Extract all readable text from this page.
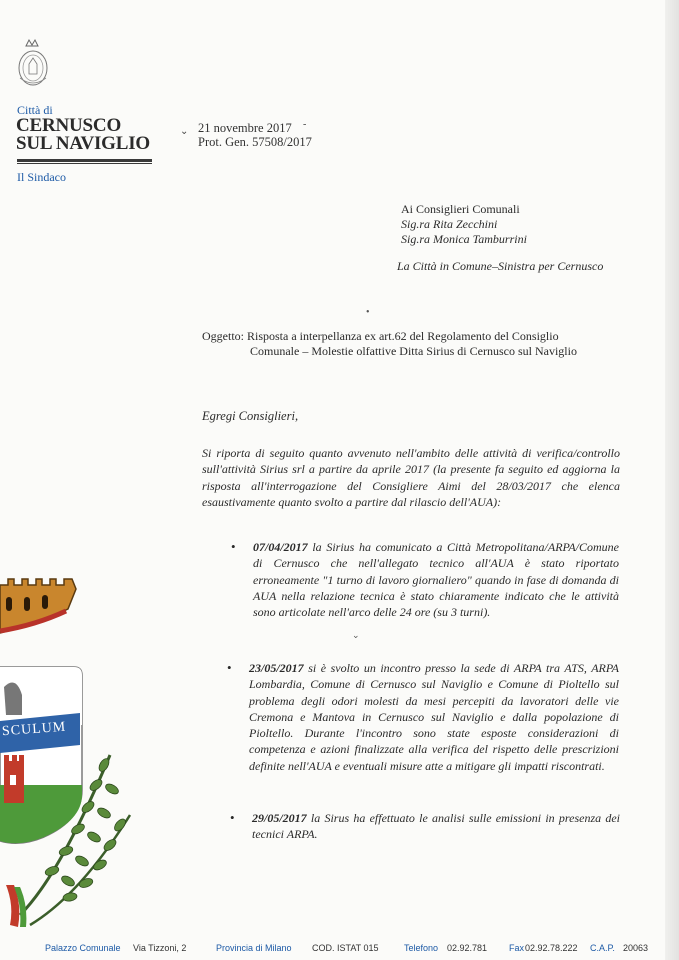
Città di
CERNUSCO
SUL NAVIGLIO
Il Sindaco
⌄
-
21 novembre 2017
Prot. Gen. 57508/2017
Ai Consiglieri Comunali
Sig.ra Rita Zecchini
Sig.ra Monica Tamburrini
La Città in Comune–Sinistra per Cernusco
•
Oggetto: Risposta a interpellanza ex art.62 del Regolamento del Consiglio
Comunale – Molestie olfattive Ditta Sirius di Cernusco sul Naviglio
Egregi Consiglieri,
Si riporta di seguito quanto avvenuto nell'ambito delle attività di verifica/controllo sull'attività Sirius srl a partire da aprile 2017 (la presente fa seguito ed aggiorna la risposta all'interrogazione del Consigliere Aimi del 28/03/2017 che elenca esaustivamente quanto svolto a partire dal rilascio dell'AUA):
• 07/04/2017 la Sirius ha comunicato a Città Metropolitana/ARPA/Comune di Cernusco che nell'allegato tecnico all'AUA è stato riportato erroneamente "1 turno di lavoro giornaliero" quando in fase di domanda di AUA nella relazione tecnica è stato chiaramente indicato che le attività sono articolate nell'arco delle 24 ore (su 3 turni).
⌄
• 23/05/2017 si è svolto un incontro presso la sede di ARPA tra ATS, ARPA Lombardia, Comune di Cernusco sul Naviglio e Comune di Pioltello sul problema degli odori molesti da mesi percepiti da lavoratori delle vie Cremona e Mantova in Cernusco sul Naviglio e dalla popolazione di Pioltello. Durante l'incontro sono state esposte considerazioni di competenza e azioni finalizzate alla verifica del rispetto delle prescrizioni definite nell'AUA e eventuali misure atte a mitigare gli impatti riscontrati.
• 29/05/2017 la Sirus ha effettuato le analisi sulle emissioni in presenza dei tecnici ARPA.
SCULUM
Palazzo Comunale Via Tizzoni, 2	Provincia di Milano COD. ISTAT 015	Telefono 02.92.781 Fax 02.92.78.222 C.A.P. 20063
